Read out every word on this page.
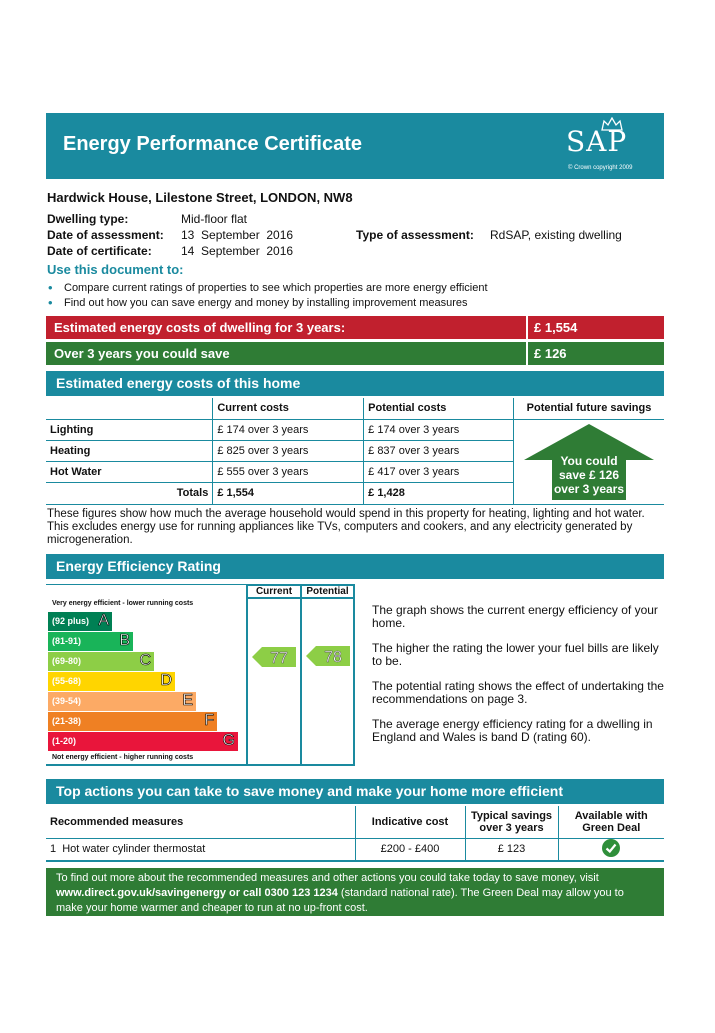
Energy Performance Certificate	SAP
© Crown copyright 2009
Hardwick House, Lilestone Street, LONDON, NW8
Dwelling type:	Mid-floor flat
Date of assessment: 13  September  2016
Date of certificate: 14  September  2016
Type of assessment: RdSAP, existing dwelling
Use this document to:
• Compare current ratings of properties to see which properties are more energy efficient
• Find out how you can save energy and money by installing improvement measures
Estimated energy costs of dwelling for 3 years:	£ 1,554
Over 3 years you could save	£ 126
Estimated energy costs of this home
	Current costs	Potential costs	Potential future savings
Lighting	£ 174 over 3 years	£ 174 over 3 years	You could
save £ 126
over 3 years

Heating	£ 825 over 3 years	£ 837 over 3 years	
Hot Water	£ 555 over 3 years	£ 417 over 3 years	
Totals	£ 1,554	£ 1,428	
These figures show how much the average household would spend in this property for heating, lighting and hot water. This excludes energy use for running appliances like TVs, computers and cookers, and any electricity generated by microgeneration.
Energy Efficiency Rating
Current	Potential
Very energy efficient - lower running costs
Not energy efficient - higher running costs
(92 plus) A
(81-91) B
(69-80)	C
(55-68)	D
(39-54)	E
(21-38)	F
(1-20)	G
77 78

The graph shows the current energy efficiency of your home.

The higher the rating the lower your fuel bills are likely to be.

The potential rating shows the effect of undertaking the recommendations on page 3.

The average energy efficiency rating for a dwelling in England and Wales is band D (rating 60).

Top actions you can take to save money and make your home more efficient
Recommended measures	Indicative cost	Typical savings over 3 years	Available with Green Deal
1  Hot water cylinder thermostat	£200 - £400	£ 123	
To find out more about the recommended measures and other actions you could take today to save money, visit
www.direct.gov.uk/savingenergy or call 0300 123 1234 (standard national rate). The Green Deal may allow you to
make your home warmer and cheaper to run at no up-front cost.
